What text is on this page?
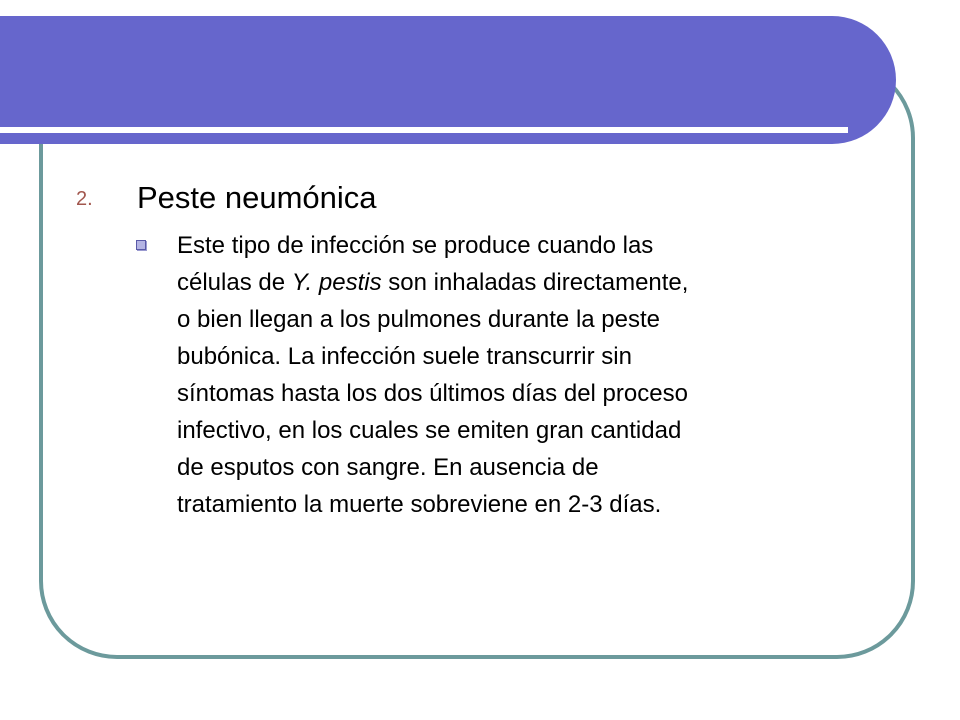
2. Peste neumónica
Este tipo de infección se produce cuando las
células de Y. pestis son inhaladas directamente,
o bien llegan a los pulmones durante la peste
bubónica. La infección suele transcurrir sin
síntomas hasta los dos últimos días del proceso
infectivo, en los cuales se emiten gran cantidad
de esputos con sangre. En ausencia de
tratamiento la muerte sobreviene en 2-3 días.
